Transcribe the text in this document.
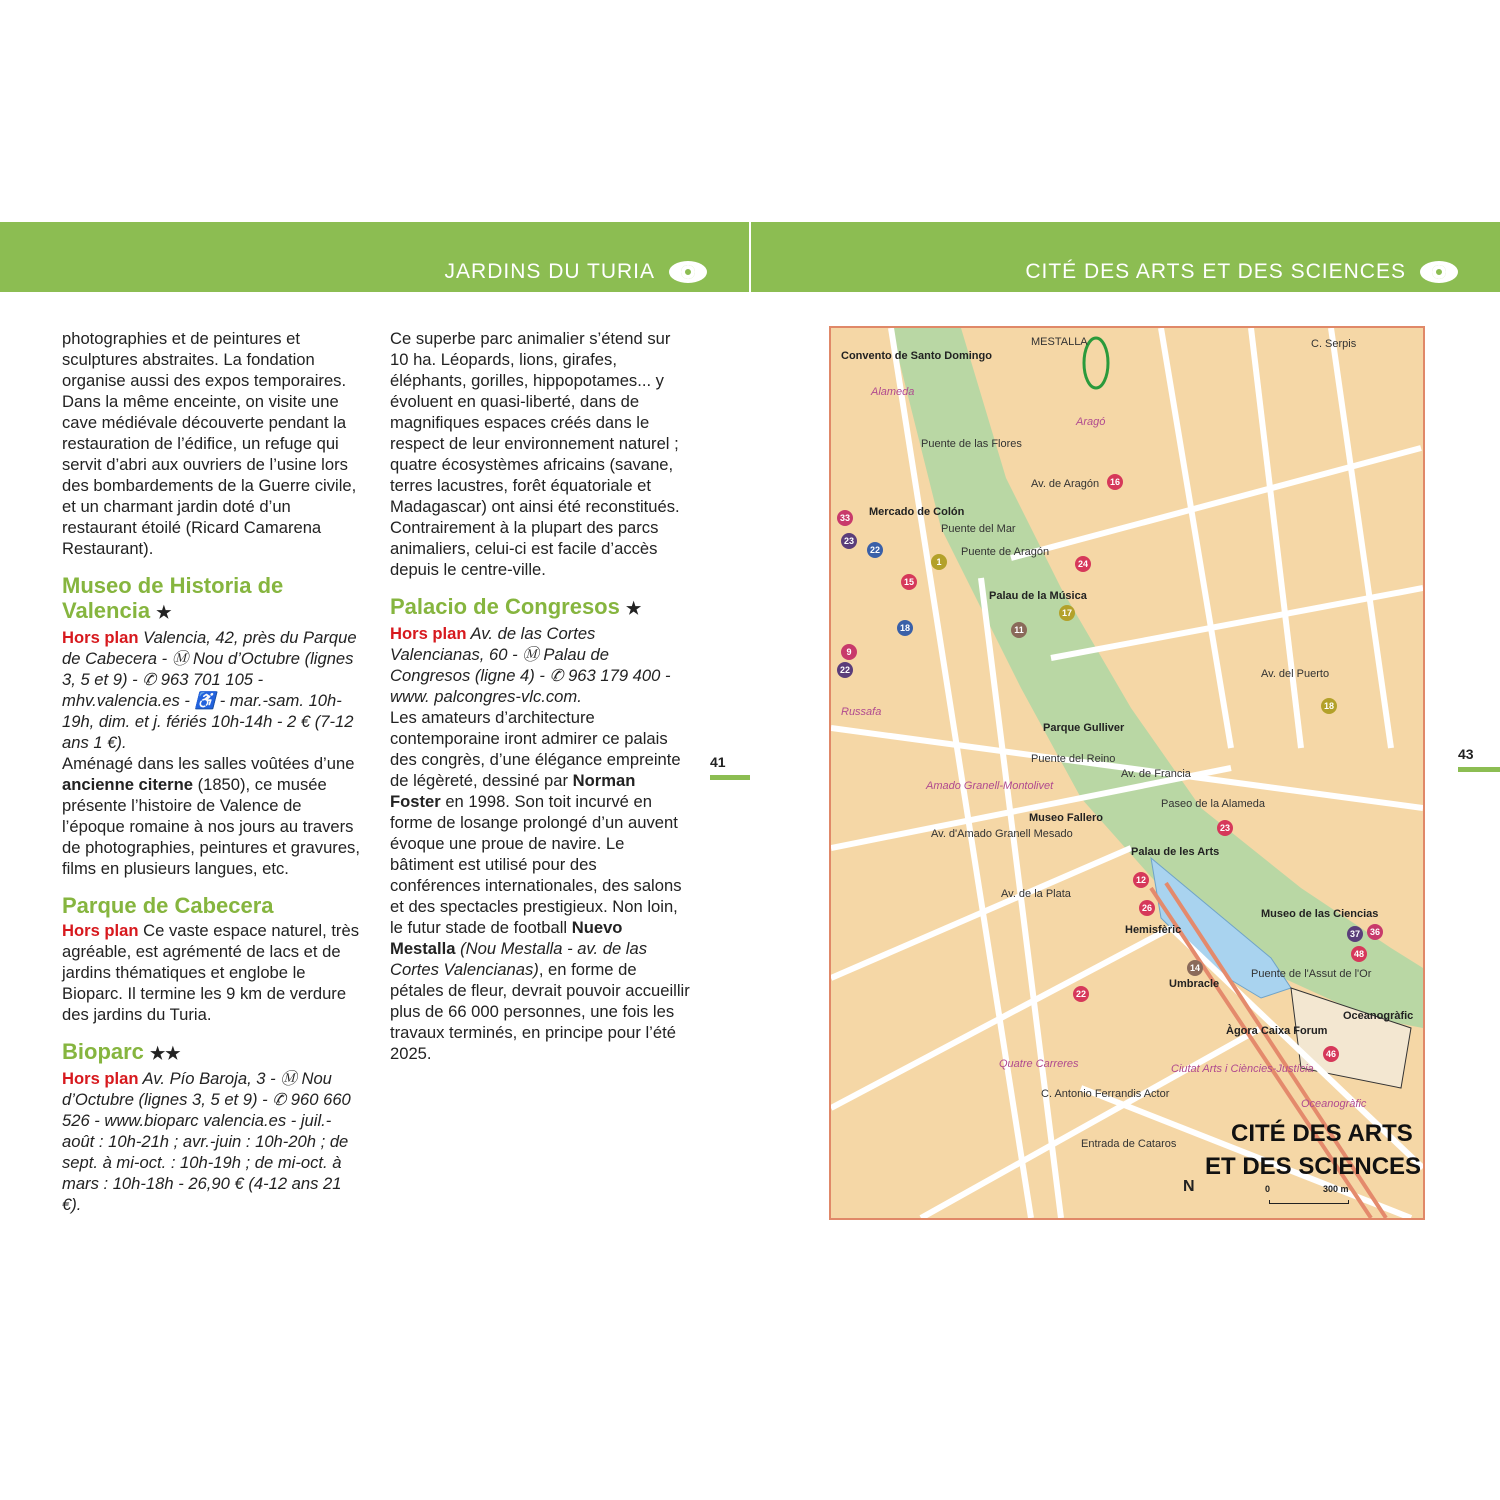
JARDINS DU TURIA	CITÉ DES ARTS ET DES SCIENCES

photographies et de peintures et sculptures abstraites. La fondation organise aussi des expos temporaires. Dans la même enceinte, on visite une cave médiévale découverte pendant la restauration de l’édifice, un refuge qui servit d’abri aux ouvriers de l’usine lors des bombardements de la Guerre civile, et un charmant jardin doté d’un restaurant étoilé (Ricard Camarena Restaurant).

Museo de Historia de Valencia ★

Hors plan Valencia, 42, près du Parque de Cabecera - Ⓜ Nou d’Octubre (lignes 3, 5 et 9) - ✆ 963 701 105 - mhv.valencia.es - ♿ - mar.-sam. 10h-19h, dim. et j. fériés 10h-14h - 2 € (7-12 ans 1 €).

Aménagé dans les salles voûtées d’une ancienne citerne (1850), ce musée présente l’histoire de Valence de l’époque romaine à nos jours au travers de photographies, peintures et gravures, films en plusieurs langues, etc.

Parque de Cabecera

Hors plan Ce vaste espace naturel, très agréable, est agrémenté de lacs et de jardins thématiques et englobe le Bioparc. Il termine les 9 km de verdure des jardins du Turia.

Bioparc ★★

Hors plan Av. Pío Baroja, 3 - Ⓜ Nou d’Octubre (lignes 3, 5 et 9) - ✆ 960 660 526 - www.bioparc valencia.es - juil.-août : 10h-21h ; avr.-juin : 10h-20h ; de sept. à mi-oct. : 10h-19h ; de mi-oct. à mars : 10h-18h - 26,90 € (4-12 ans 21 €).

Ce superbe parc animalier s’étend sur 10 ha. Léopards, lions, girafes, éléphants, gorilles, hippopotames... y évoluent en quasi-liberté, dans de magnifiques espaces créés dans le respect de leur environnement naturel ; quatre écosystèmes africains (savane, terres lacustres, forêt équatoriale et Madagascar) ont ainsi été reconstitués. Contrairement à la plupart des parcs animaliers, celui-ci est facile d’accès depuis le centre-ville.

Palacio de Congresos ★

Hors plan Av. de las Cortes Valencianas, 60 - Ⓜ Palau de Congresos (ligne 4) - ✆ 963 179 400 - www. palcongres-vlc.com.

Les amateurs d’architecture contemporaine iront admirer ce palais des congrès, d’une élégance empreinte de légèreté, dessiné par Norman Foster en 1998. Son toit incurvé en forme de losange prolongé d’un auvent évoque une proue de navire. Le bâtiment est utilisé pour des conférences internationales, des salons et des spectacles prestigieux. Non loin, le futur stade de football Nuevo Mestalla (Nou Mestalla - av. de las Cortes Valencianas), en forme de pétales de fleur, devrait pouvoir accueillir plus de 66 000 personnes, une fois les travaux terminés, en principe pour l’été 2025.

41	43
CITÉ DES ARTS
ET DES SCIENCES
N	0	300 m
Convento de Santo Domingo
Mercado de Colón
Palau de la Música
Parque Gulliver
Museo Fallero
Palau de les Arts
Hemisfèric
Museo de las Ciencias
Umbracle
Àgora Caixa Forum
Oceanogràfic
33
23
22
1
15
18
9
22
24
17
11
16
18
23
12
26
14
22
37	36
48
46
MESTALLA
Alameda
Aragó
Russafa
Amado Granell-Montolivet
Quatre Carreres	Ciutat Arts i Ciències-Justícia
Oceanogràfic
Av. de Francia
Paseo de la Alameda
Av. del Puerto
C. Serpis
Av. de Aragón
Puente de Aragón
Puente del Mar
Puente de las Flores
Puente del Reino
Puente de l'Assut de l'Or
Av. d'Amado Granell Mesado
Entrada de Cataros
C. Antonio Ferrandis Actor
Av. de la Plata
